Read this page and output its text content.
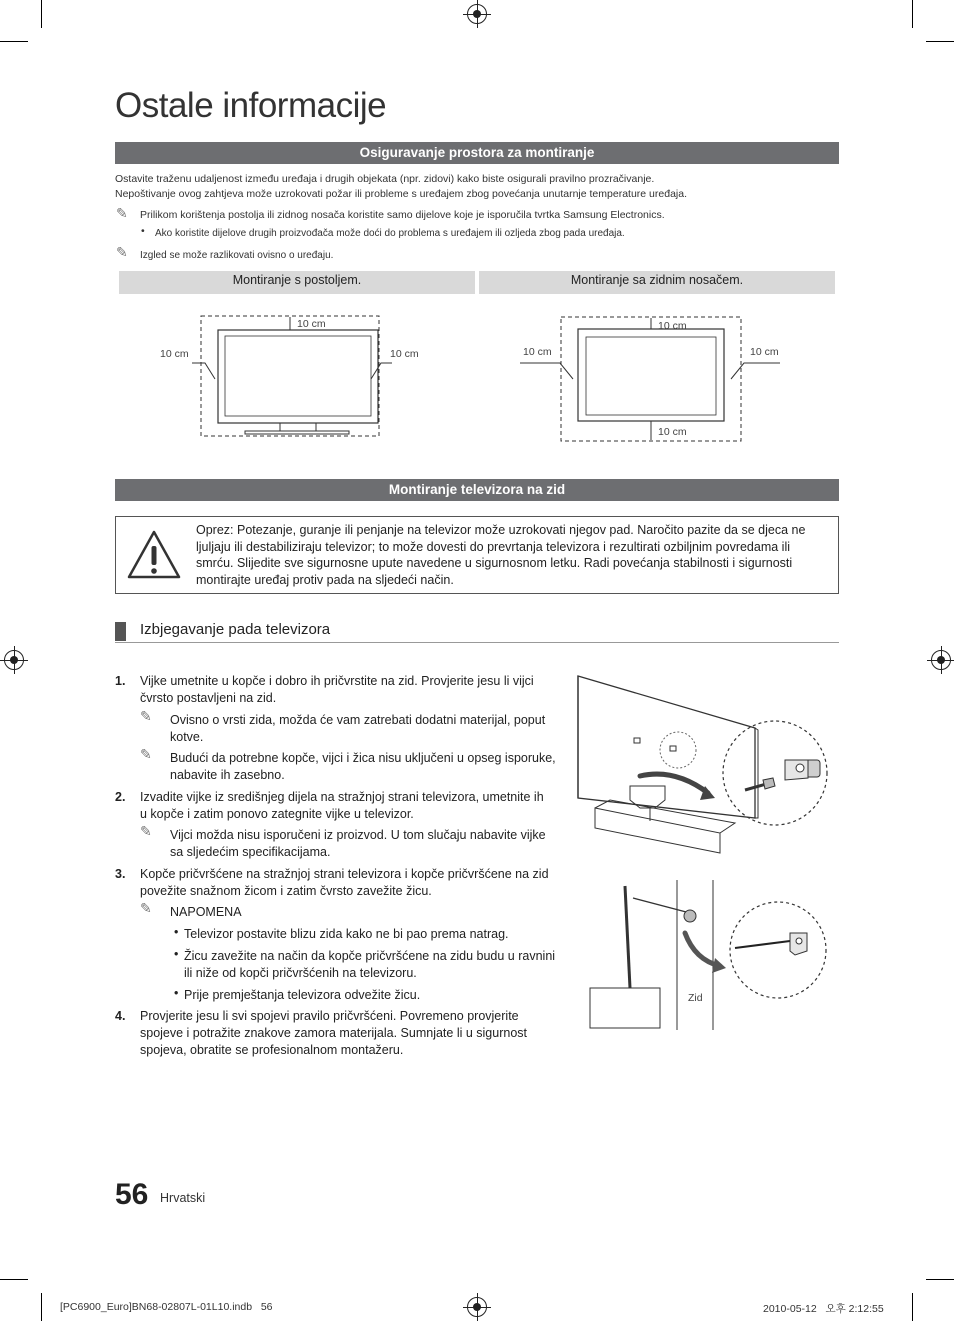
Ostale informacije
Osiguravanje prostora za montiranje
Ostavite traženu udaljenost između uređaja i drugih objekata (npr. zidovi) kako biste osigurali pravilno prozračivanje.
Nepoštivanje ovog zahtjeva može uzrokovati požar ili probleme s uređajem zbog povećanja unutarnje temperature uređaja.
✎ Prilikom korištenja postolja ili zidnog nosača koristite samo dijelove koje je isporučila tvrtka Samsung Electronics.
• Ako koristite dijelove drugih proizvođača može doći do problema s uređajem ili ozljeda zbog pada uređaja.
✎ Izgled se može razlikovati ovisno o uređaju.
Montiranje s postoljem.	Montiranje sa zidnim nosačem.
10 cm
10 cm	10 cm
10 cm
10 cm	10 cm
10 cm
Montiranje televizora na zid
Oprez: Potezanje, guranje ili penjanje na televizor može uzrokovati njegov pad. Naročito pazite da se djeca ne ljuljaju ili destabiliziraju televizor; to može dovesti do prevrtanja televizora i rezultirati ozbiljnim povredama ili smrću. Slijedite sve sigurnosne upute navedene u sigurnosnom letku. Radi povećanja stabilnosti i sigurnosti montirajte uređaj protiv pada na sljedeći način.
Izbjegavanje pada televizora
1. Vijke umetnite u kopče i dobro ih pričvrstite na zid. Provjerite jesu li vijci čvrsto postavljeni na zid.
✎ Ovisno o vrsti zida, možda će vam zatrebati dodatni materijal, poput kotve.
✎ Budući da potrebne kopče, vijci i žica nisu uključeni u opseg isporuke, nabavite ih zasebno.
2. Izvadite vijke iz središnjeg dijela na stražnjoj strani televizora, umetnite ih u kopče i zatim ponovo zategnite vijke u televizor.
✎ Vijci možda nisu isporučeni iz proizvod. U tom slučaju nabavite vijke sa sljedećim specifikacijama.
3. Kopče pričvršćene na stražnjoj strani televizora i kopče pričvršćene na zid povežite snažnom žicom i zatim čvrsto zavežite žicu.
✎ NAPOMENA
• Televizor postavite blizu zida kako ne bi pao prema natrag.
• Žicu zavežite na način da kopče pričvršćene na zidu budu u ravnini ili niže od kopči pričvršćenih na televizoru.
• Prije premještanja televizora odvežite žicu.
4. Provjerite jesu li svi spojevi pravilo pričvršćeni. Povremeno provjerite spojeve i potražite znakove zamora materijala. Sumnjate li u sigurnost spojeva, obratite se profesionalnom montažeru.
Zid
56 Hrvatski
[PC6900_Euro]BN68-02807L-01L10.indb   56	2010-05-12   오후 2:12:55
